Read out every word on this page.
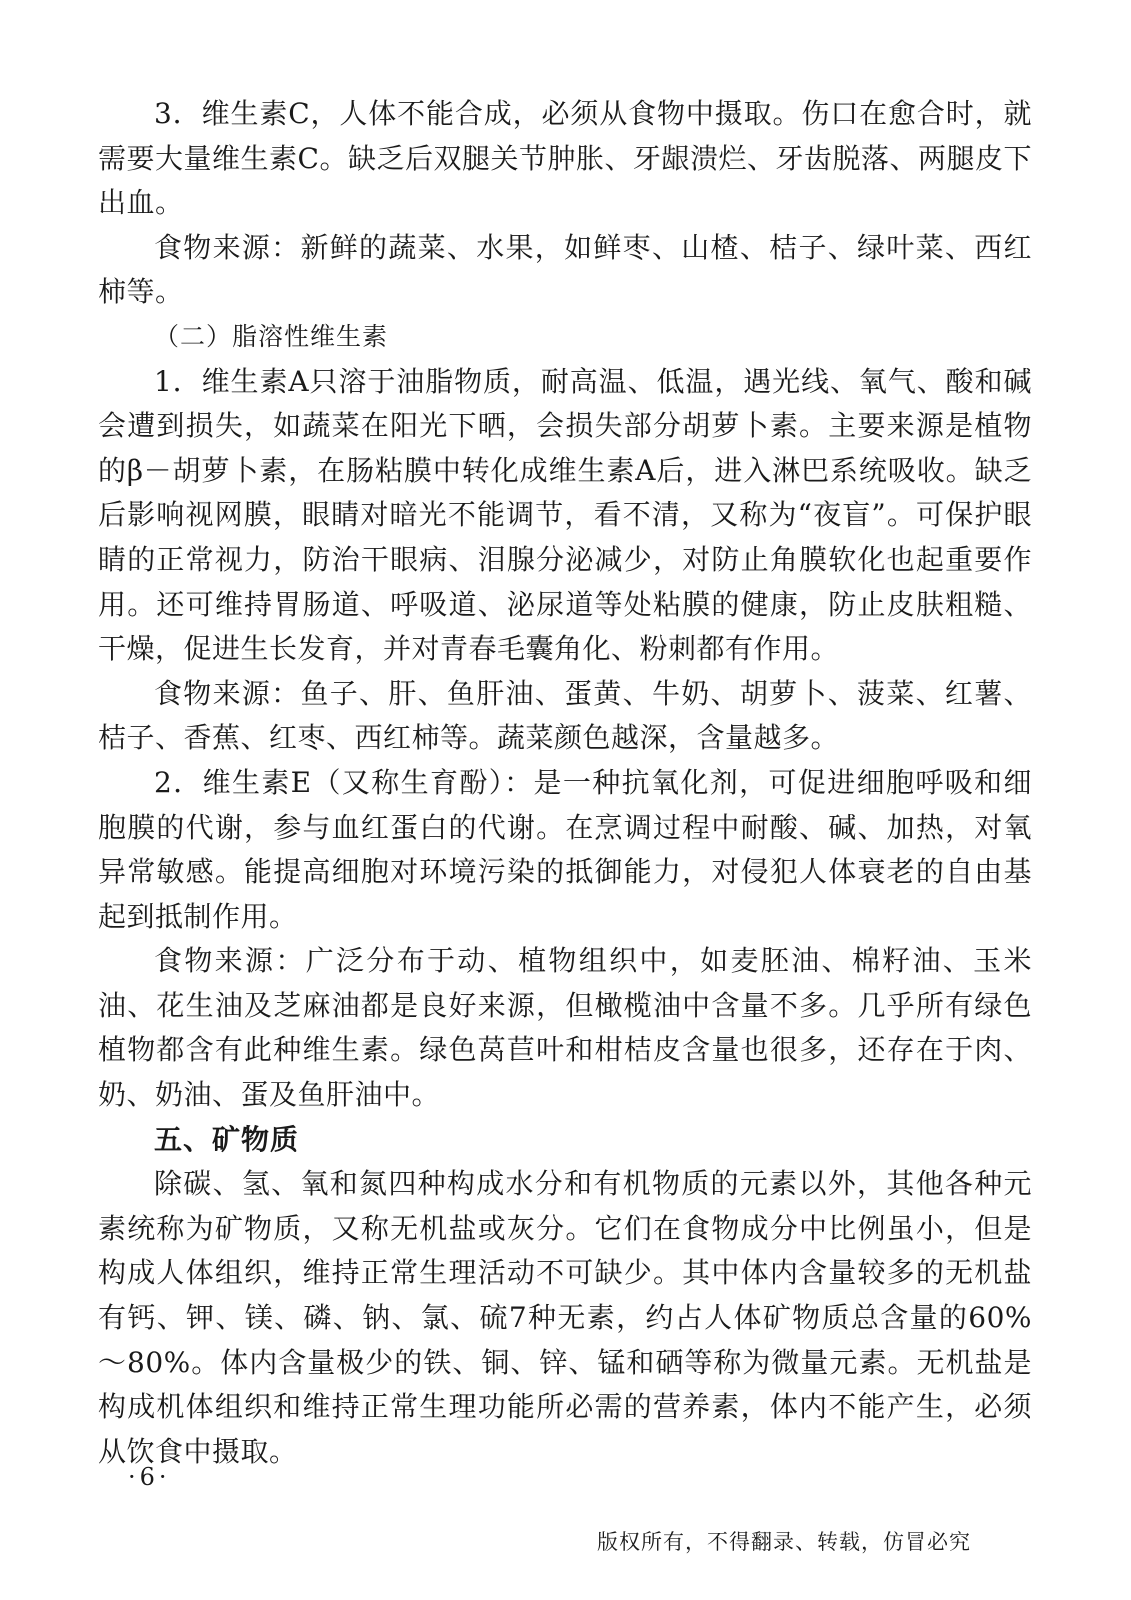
3．维生素C，人体不能合成，必须从食物中摄取。伤口在愈合时，就需要大量维生素C。缺乏后双腿关节肿胀、牙龈溃烂、牙齿脱落、两腿皮下出血。

食物来源：新鲜的蔬菜、水果，如鲜枣、山楂、桔子、绿叶菜、西红柿等。

（二）脂溶性维生素

1．维生素A只溶于油脂物质，耐高温、低温，遇光线、氧气、酸和碱会遭到损失，如蔬菜在阳光下晒，会损失部分胡萝卜素。主要来源是植物的β－胡萝卜素，在肠粘膜中转化成维生素A后，进入淋巴系统吸收。缺乏后影响视网膜，眼睛对暗光不能调节，看不清，又称为“夜盲”。可保护眼睛的正常视力，防治干眼病、泪腺分泌减少，对防止角膜软化也起重要作用。还可维持胃肠道、呼吸道、泌尿道等处粘膜的健康，防止皮肤粗糙、干燥，促进生长发育，并对青春毛囊角化、粉刺都有作用。

食物来源：鱼子、肝、鱼肝油、蛋黄、牛奶、胡萝卜、菠菜、红薯、桔子、香蕉、红枣、西红柿等。蔬菜颜色越深，含量越多。

2．维生素E（又称生育酚）：是一种抗氧化剂，可促进细胞呼吸和细胞膜的代谢，参与血红蛋白的代谢。在烹调过程中耐酸、碱、加热，对氧异常敏感。能提高细胞对环境污染的抵御能力，对侵犯人体衰老的自由基起到抵制作用。

食物来源：广泛分布于动、植物组织中，如麦胚油、棉籽油、玉米油、花生油及芝麻油都是良好来源，但橄榄油中含量不多。几乎所有绿色植物都含有此种维生素。绿色莴苣叶和柑桔皮含量也很多，还存在于肉、奶、奶油、蛋及鱼肝油中。

五、矿物质

除碳、氢、氧和氮四种构成水分和有机物质的元素以外，其他各种元素统称为矿物质，又称无机盐或灰分。它们在食物成分中比例虽小，但是构成人体组织，维持正常生理活动不可缺少。其中体内含量较多的无机盐有钙、钾、镁、磷、钠、氯、硫7种无素，约占人体矿物质总含量的60%～80%。体内含量极少的铁、铜、锌、锰和硒等称为微量元素。无机盐是构成机体组织和维持正常生理功能所必需的营养素，体内不能产生，必须从饮食中摄取。

·6·
版权所有，不得翻录、转载，仿冒必究
